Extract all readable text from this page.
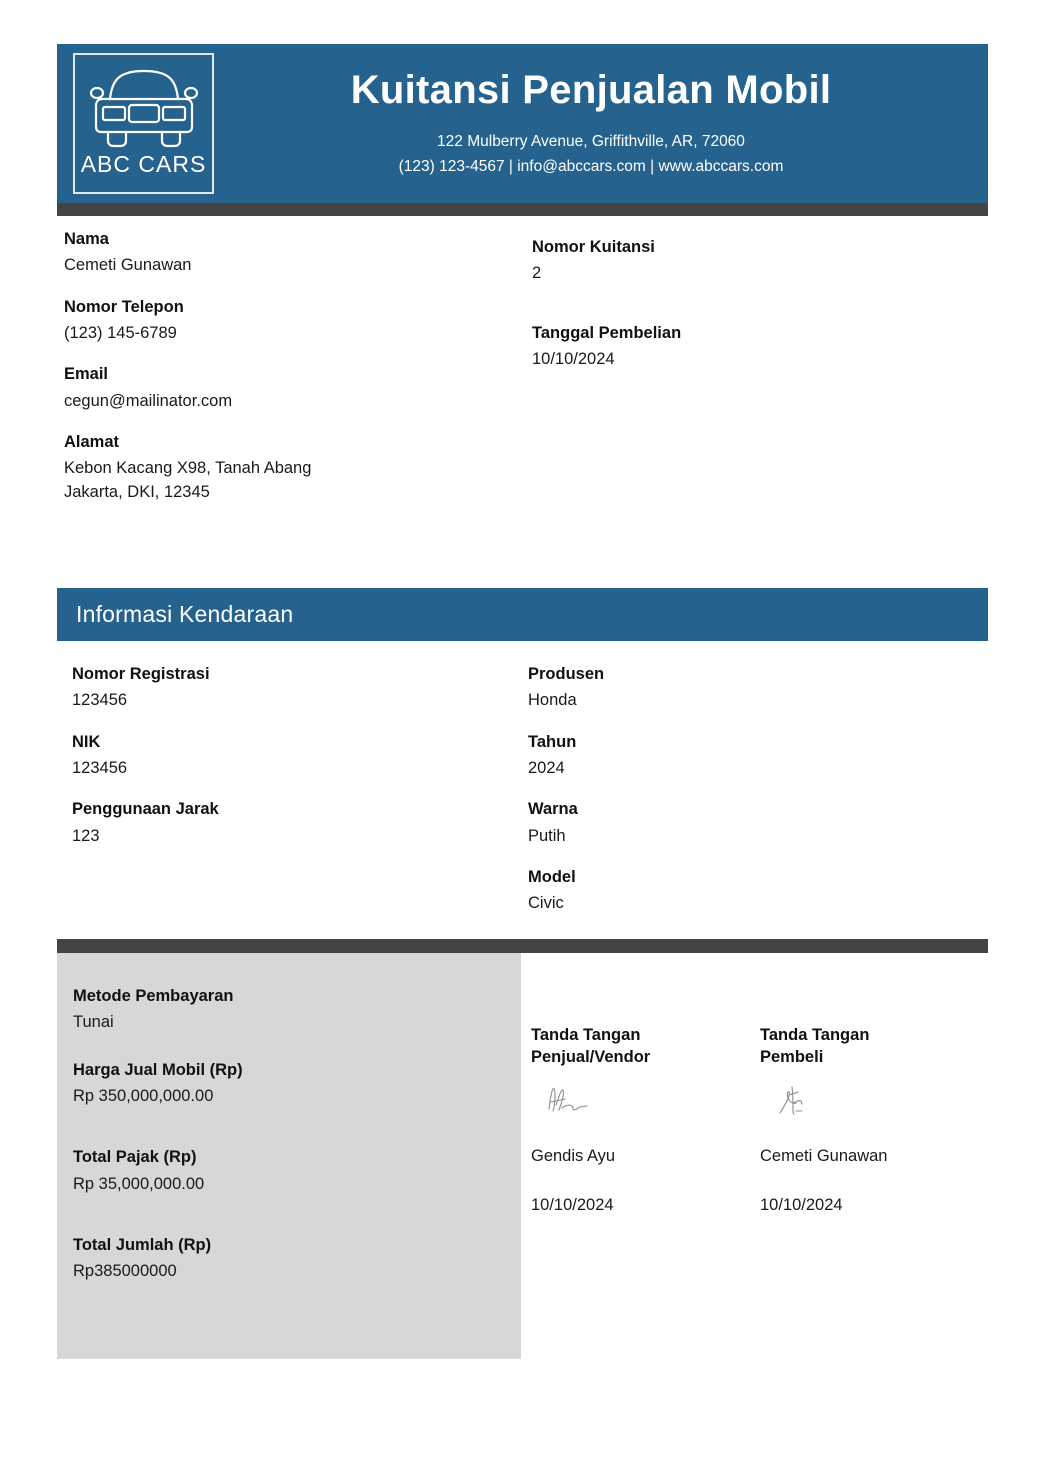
ABC CARS
Kuitansi Penjualan Mobil
122 Mulberry Avenue, Griffithville, AR, 72060
(123) 123-4567 | info@abccars.com | www.abccars.com
Nama
Cemeti Gunawan
Nomor Telepon
(123) 145-6789
Email
cegun@mailinator.com
Alamat
Kebon Kacang X98, Tanah Abang
Jakarta, DKI, 12345
Nomor Kuitansi
2
Tanggal Pembelian
10/10/2024
Informasi Kendaraan
Nomor Registrasi
123456
NIK
123456
Penggunaan Jarak
123
Produsen
Honda
Tahun
2024
Warna
Putih
Model
Civic
Metode Pembayaran
Tunai
Harga Jual Mobil (Rp)
Rp 350,000,000.00
Total Pajak (Rp)
Rp 35,000,000.00
Total Jumlah (Rp)
Rp385000000
Tanda Tangan
Penjual/Vendor
Gendis Ayu
10/10/2024
Tanda Tangan
Pembeli
Cemeti Gunawan
10/10/2024
